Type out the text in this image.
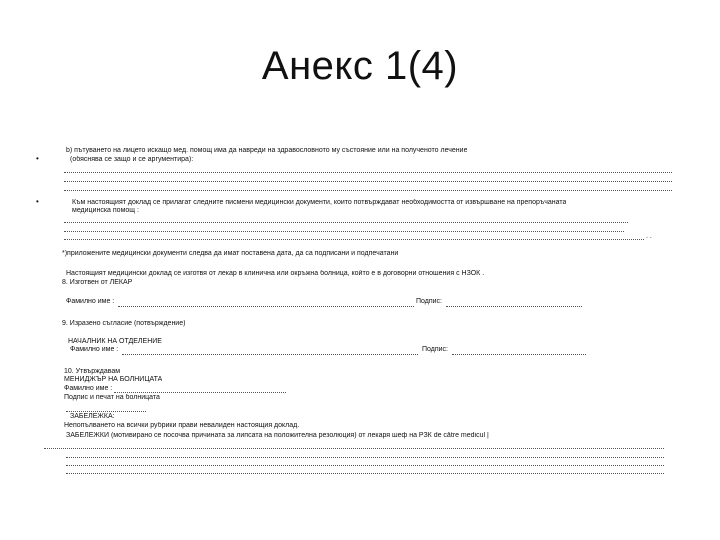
Анекс 1(4)
b) пътуването на лицето искащо мед. помощ има да навреди на здравословното му състояние или на полученото лечение
•	(обяснява се защо и се аргументира):
•	Към настоящият доклад се прилагат следните писмени медицински документи, които потвърждават необходимостта от извършване на препоръчаната
медицинска помощ :
. .
*)приложените медицински документи следва да имат поставена дата, да са подписани и подпечатани
Настоящият медицински доклад се изготвя от лекар в клинична или окръжна болница, който е в договорни отношения с НЗОК .
8. Изготвен от ЛЕКАР
Фамилно име :	Подпис:
9. Изразено съгласие (потвърждение)
НАЧАЛНИК НА ОТДЕЛЕНИЕ
Фамилно име :	Подпис:
10. Утвърждавам
МЕНИДЖЪР НА БОЛНИЦАТА
Фамилно име :
Подпис и печат на болницата
ЗАБЕЛЕЖКА:
Непопълването на всички рубрики прави невалиден настоящия доклад.
ЗАБЕЛЕЖКИ (мотивирано се посочва причината за липсата на положителна резолюция) от лекаря шеф на РЗК de către medicul |
